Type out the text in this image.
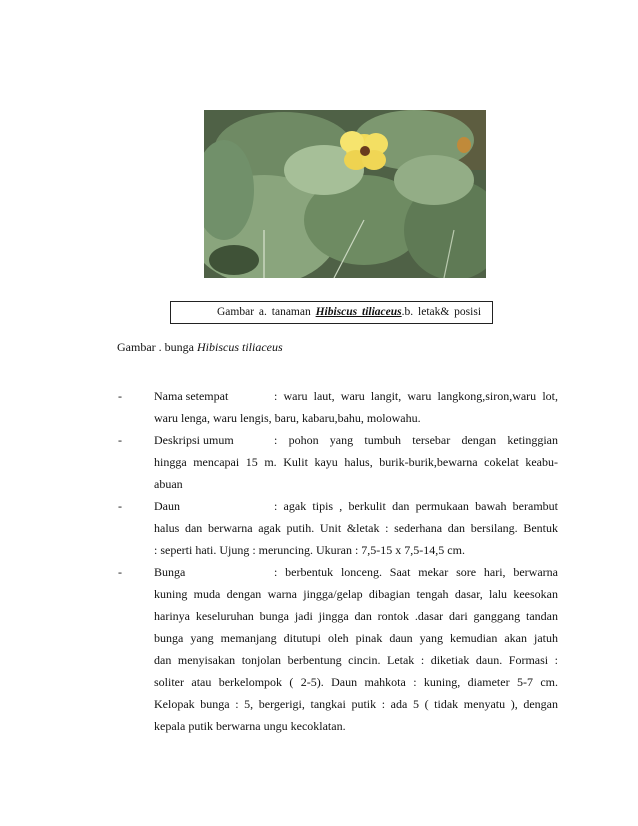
Gambar a. tanaman Hibiscus tiliaceus.b. letak& posisi
Gambar . bunga Hibiscus tiliaceus
-	Nama setempat	: waru laut, waru langit, waru langkong,siron,waru lot,
waru lenga, waru lengis, baru, kabaru,bahu, molowahu.
-	Deskripsi umum	: pohon yang tumbuh tersebar dengan ketinggian
hingga mencapai 15 m. Kulit kayu halus, burik-burik,bewarna cokelat keabu-
abuan
-	Daun	: agak tipis , berkulit dan permukaan bawah berambut
halus dan berwarna agak putih. Unit &letak : sederhana dan bersilang. Bentuk
: seperti hati. Ujung : meruncing. Ukuran : 7,5-15 x 7,5-14,5 cm.
-	Bunga	: berbentuk lonceng. Saat mekar sore hari, berwarna
kuning muda dengan warna jingga/gelap dibagian tengah dasar, lalu keesokan
harinya keseluruhan bunga jadi jingga dan rontok .dasar dari ganggang tandan
bunga yang memanjang ditutupi oleh pinak daun yang kemudian akan jatuh
dan menyisakan tonjolan berbentung cincin. Letak : diketiak daun. Formasi :
soliter atau berkelompok ( 2-5). Daun mahkota : kuning, diameter 5-7 cm.
Kelopak bunga : 5, bergerigi, tangkai putik : ada 5 ( tidak menyatu ), dengan
kepala putik berwarna ungu kecoklatan.
